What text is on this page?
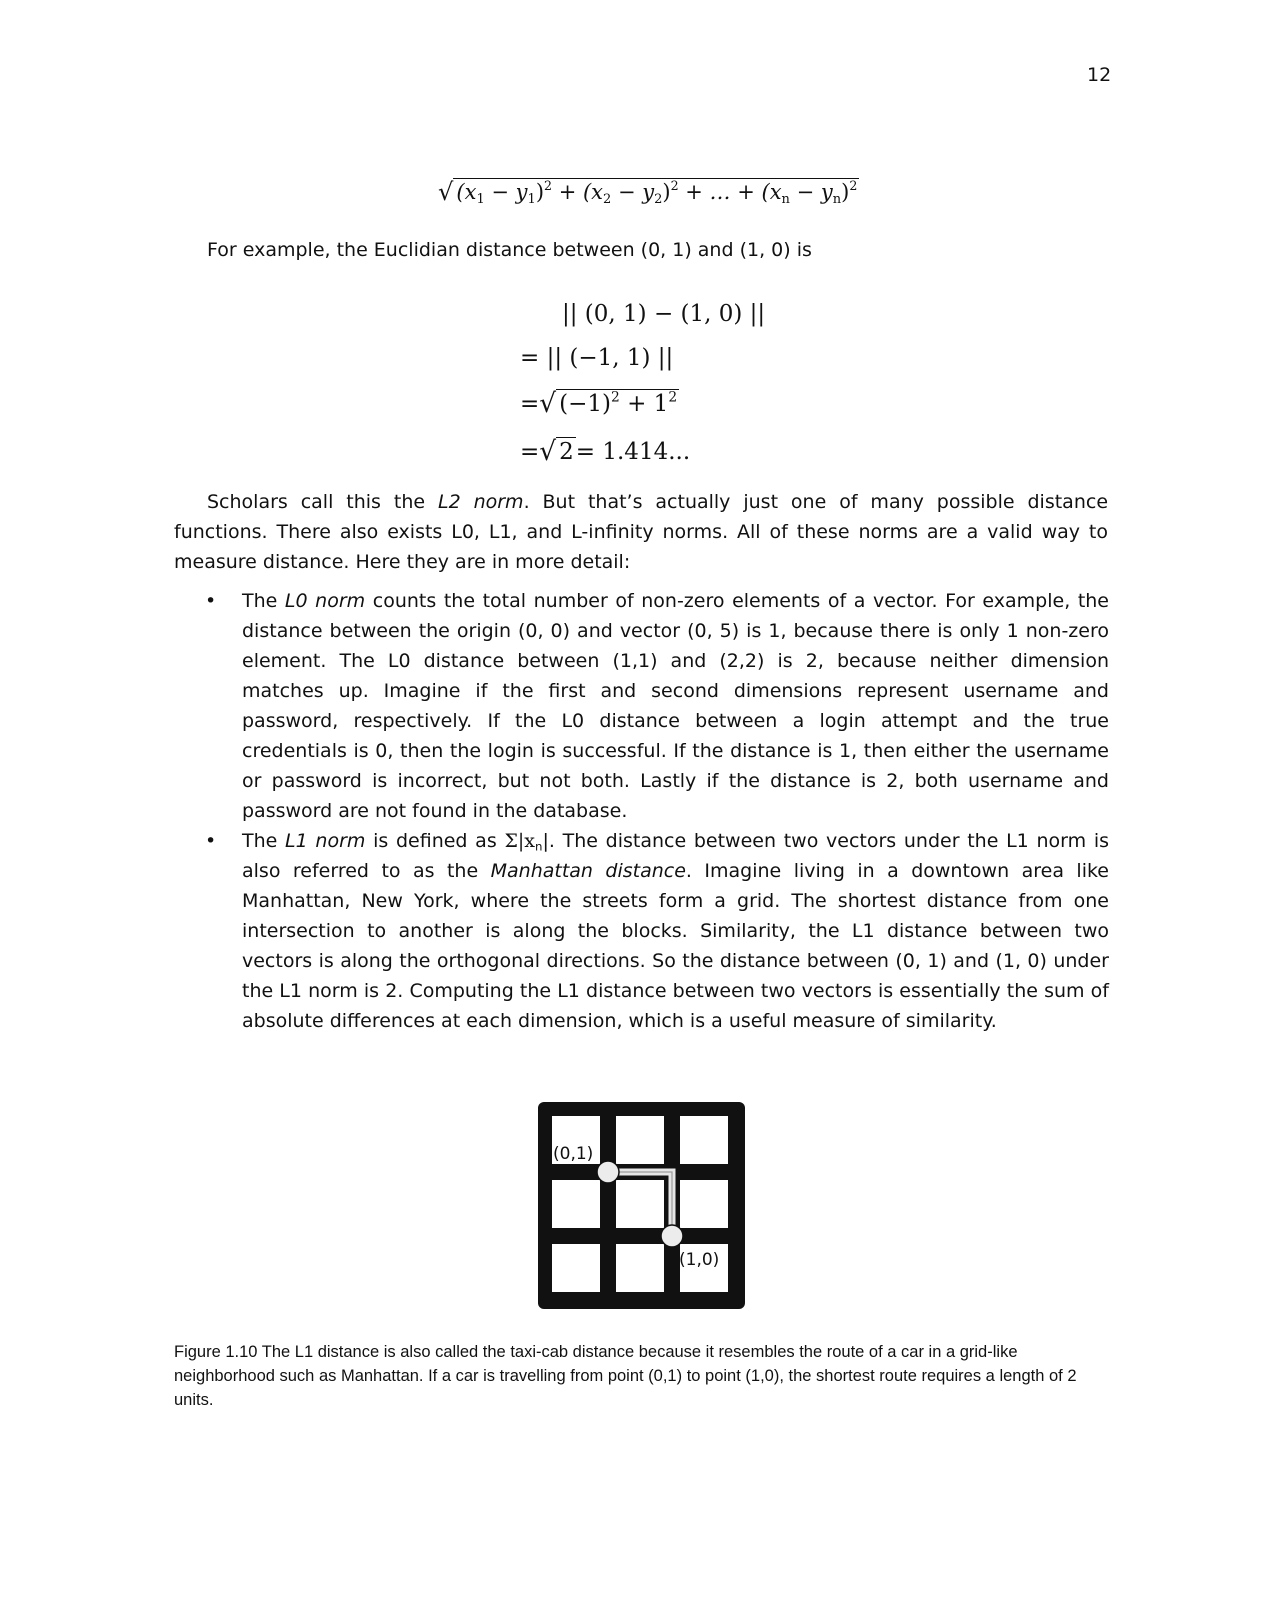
12
√ $(x_1 - y_1)^2 + (x_2 - y_2)^2$ + … + $(x_n - y_n)^2$
For example, the Euclidian distance between (0, 1) and (1, 0) is
|| (0, 1) − (1, 0) ||
= || (−1, 1) ||
= √ $(-1)^2 + 1^2$
= √ 2 = 1.414...
Scholars call this the L2 norm. But that’s actually just one of many possible distance functions. There also exists L0, L1, and L-infinity norms. All of these norms are a valid way to measure distance. Here they are in more detail:
• The L0 norm counts the total number of non-zero elements of a vector. For example, the distance between the origin (0, 0) and vector (0, 5) is 1, because there is only 1 non-zero element. The L0 distance between (1,1) and (2,2) is 2, because neither dimension matches up. Imagine if the first and second dimensions represent username and password, respectively. If the L0 distance between a login attempt and the true credentials is 0, then the login is successful. If the distance is 1, then either the username or password is incorrect, but not both. Lastly if the distance is 2, both username and password are not found in the database.
• The L1 norm is defined as $\Sigma|x_n|$. The distance between two vectors under the L1 norm is also referred to as the Manhattan distance. Imagine living in a downtown area like Manhattan, New York, where the streets form a grid. The shortest distance from one intersection to another is along the blocks. Similarity, the L1 distance between two vectors is along the orthogonal directions. So the distance between (0, 1) and (1, 0) under the L1 norm is 2. Computing the L1 distance between two vectors is essentially the sum of absolute differences at each dimension, which is a useful measure of similarity.
(0,1)
(1,0)
Figure 1.10 The L1 distance is also called the taxi-cab distance because it resembles the route of a car in a grid-like neighborhood such as Manhattan. If a car is travelling from point (0,1) to point (1,0), the shortest route requires a length of 2 units.
